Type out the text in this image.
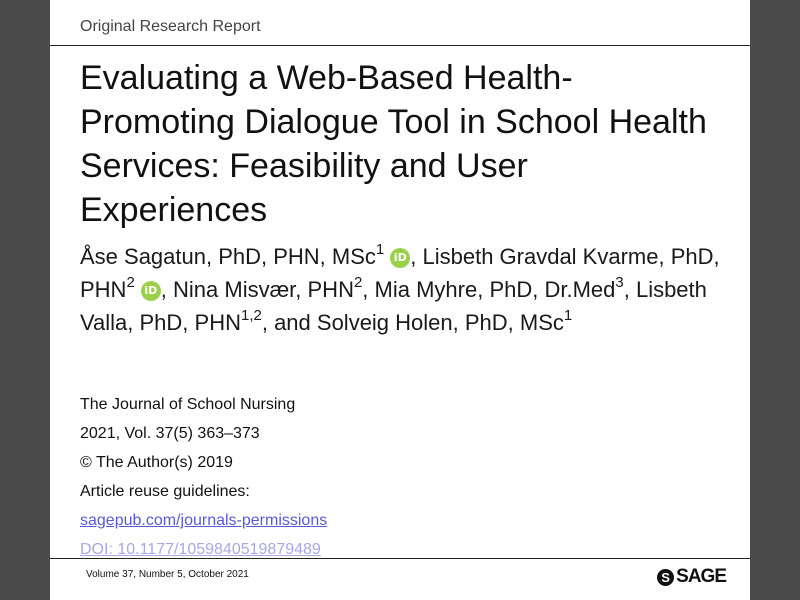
Original Research Report
Evaluating a Web-Based Health-Promoting Dialogue Tool in School Health Services: Feasibility and User Experiences
Åse Sagatun, PhD, PHN, MSc$^1$ iD , Lisbeth Gravdal Kvarme, PhD, PHN$^2$ iD , Nina Misvær, PHN$^2$, Mia Myhre, PhD, Dr.Med$^3$, Lisbeth Valla, PhD, PHN$^{1,2}$, and Solveig Holen, PhD, MSc$^1$
The Journal of School Nursing
2021, Vol. 37(5) 363–373
© The Author(s) 2019
Article reuse guidelines:
sagepub.com/journals-permissions
DOI: 10.1177/1059840519879489
Volume 37, Number 5, October 2021	S SAGE
